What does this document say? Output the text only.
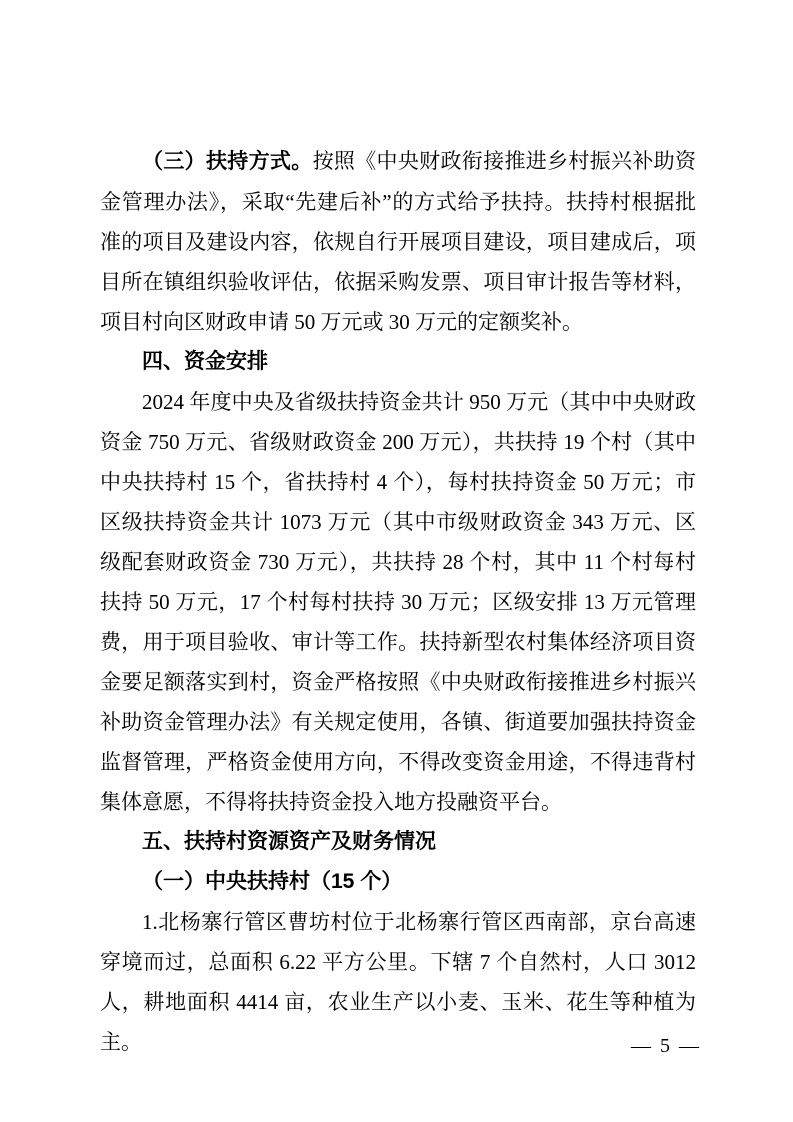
（三）扶持方式。按照《中央财政衔接推进乡村振兴补助资金管理办法》，采取“先建后补”的方式给予扶持。扶持村根据批准的项目及建设内容，依规自行开展项目建设，项目建成后，项目所在镇组织验收评估，依据采购发票、项目审计报告等材料，项目村向区财政申请 50 万元或 30 万元的定额奖补。

四、资金安排

2024 年度中央及省级扶持资金共计 950 万元（其中中央财政资金 750 万元、省级财政资金 200 万元），共扶持 19 个村（其中中央扶持村 15 个，省扶持村 4 个），每村扶持资金 50 万元；市区级扶持资金共计 1073 万元（其中市级财政资金 343 万元、区级配套财政资金 730 万元），共扶持 28 个村，其中 11 个村每村扶持 50 万元，17 个村每村扶持 30 万元；区级安排 13 万元管理费，用于项目验收、审计等工作。扶持新型农村集体经济项目资金要足额落实到村，资金严格按照《中央财政衔接推进乡村振兴补助资金管理办法》有关规定使用，各镇、街道要加强扶持资金监督管理，严格资金使用方向，不得改变资金用途，不得违背村集体意愿，不得将扶持资金投入地方投融资平台。

五、扶持村资源资产及财务情况
（一）中央扶持村（15 个）

1.北杨寨行管区曹坊村位于北杨寨行管区西南部，京台高速穿境而过，总面积 6.22 平方公里。下辖 7 个自然村，人口 3012 人，耕地面积 4414 亩，农业生产以小麦、玉米、花生等种植为主。	— 5 —
